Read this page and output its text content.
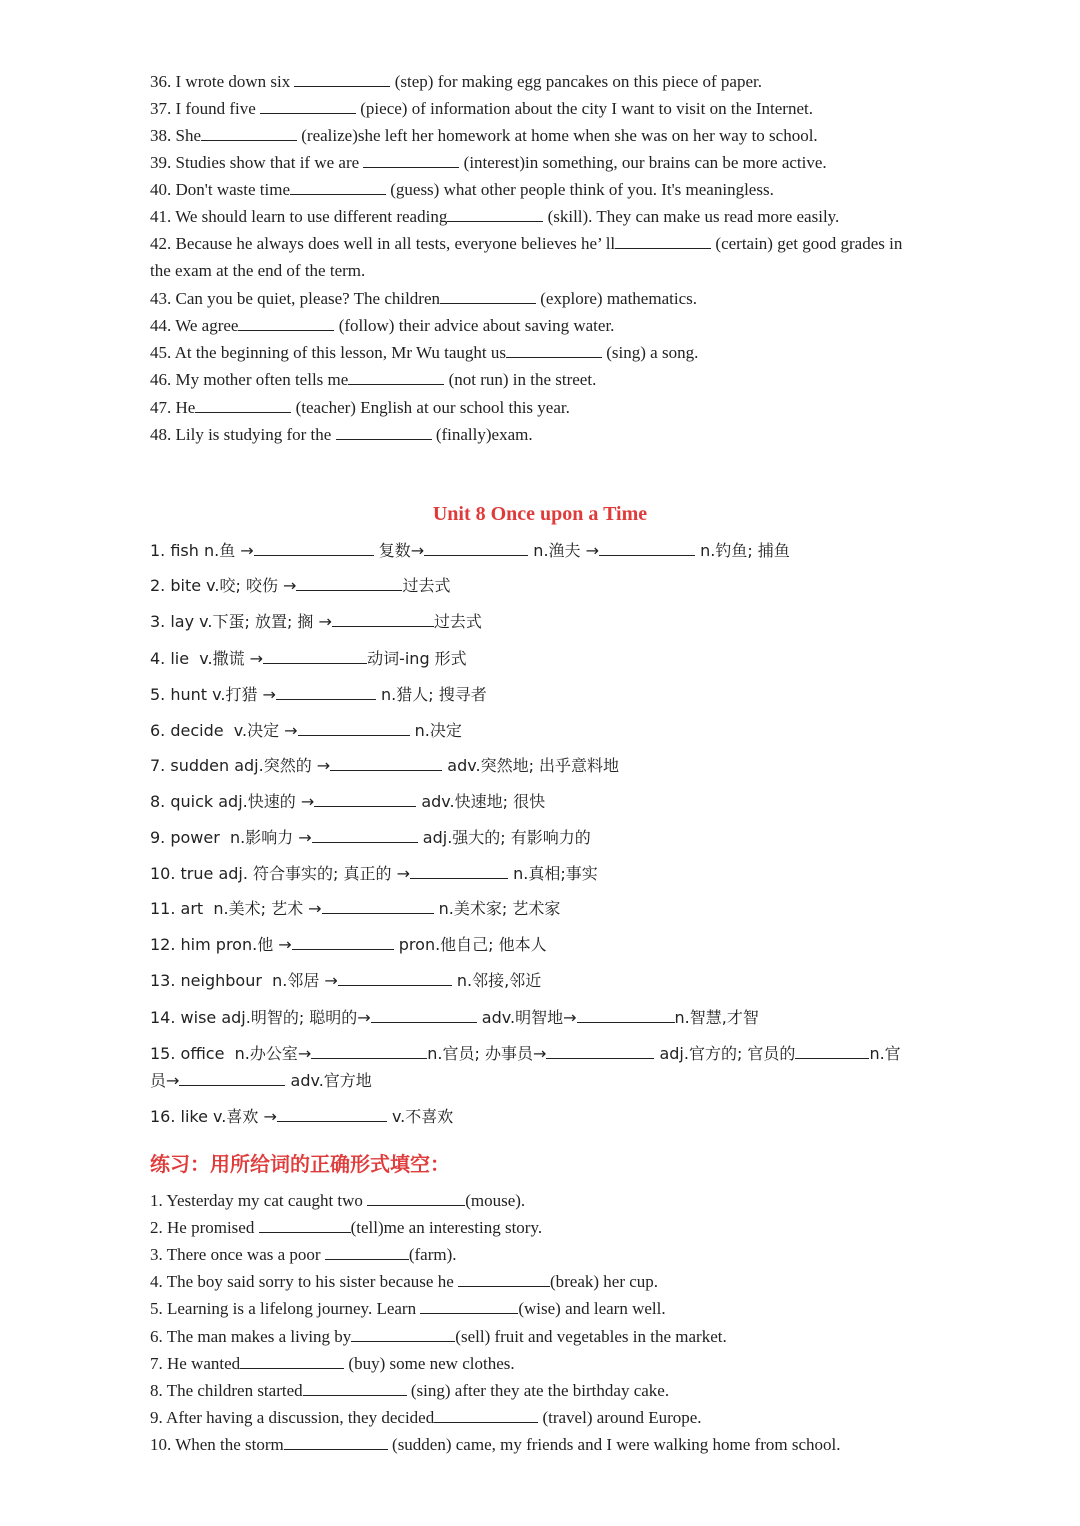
36. I wrote down six	(step) for making egg pancakes on this piece of paper.
37. I found five	(piece) of information about the city I want to visit on the Internet.
38. She	(realize)she left her homework at home when she was on her way to school.
39. Studies show that if we are	(interest)in something, our brains can be more active.
40. Don't waste time	(guess) what other people think of you. It's meaningless.
41. We should learn to use different reading	(skill). They can make us read more easily.
42. Because he always does well in all tests, everyone believes he’ ll	(certain) get good grades in
the exam at the end of the term.
43. Can you be quiet, please? The children	(explore) mathematics.
44. We agree	(follow) their advice about saving water.
45. At the beginning of this lesson, Mr Wu taught us	(sing) a song.
46. My mother often tells me	(not run) in the street.
47. He	(teacher) English at our school this year.
48. Lily is studying for the	(finally)exam.
Unit 8 Once upon a Time
1. fish n.鱼 →	复数→	n.渔夫 →	n.钓鱼; 捕鱼
2. bite v.咬; 咬伤 →	过去式
3. lay v.下蛋; 放置; 搁 →	过去式
4. lie  v.撒谎 →	动词-ing 形式
5. hunt v.打猎 →	n.猎人; 搜寻者
6. decide  v.决定 →	n.决定
7. sudden adj.突然的 →	adv.突然地; 出乎意料地
8. quick adj.快速的 →	adv.快速地; 很快
9. power  n.影响力 →	adj.强大的; 有影响力的
10. true adj. 符合事实的; 真正的 →	n.真相;事实
11. art  n.美术; 艺术 →	n.美术家; 艺术家
12. him pron.他 →	pron.他自己; 他本人
13. neighbour  n.邻居 →	n.邻接,邻近
14. wise adj.明智的; 聪明的→	adv.明智地→	n.智慧,才智
15. office  n.办公室→	n.官员; 办事员→	adj.官方的; 官员的	n.官
员→	adv.官方地
16. like v.喜欢 →	v.不喜欢
练习：用所给词的正确形式填空：
1. Yesterday my cat caught two	(mouse).
2. He promised	(tell)me an interesting story.
3. There once was a poor	(farm).
4. The boy said sorry to his sister because he	(break) her cup.
5. Learning is a lifelong journey. Learn	(wise) and learn well.
6. The man makes a living by	(sell) fruit and vegetables in the market.
7. He wanted	(buy) some new clothes.
8. The children started	(sing) after they ate the birthday cake.
9. After having a discussion, they decided	(travel) around Europe.
10. When the storm	(sudden) came, my friends and I were walking home from school.
